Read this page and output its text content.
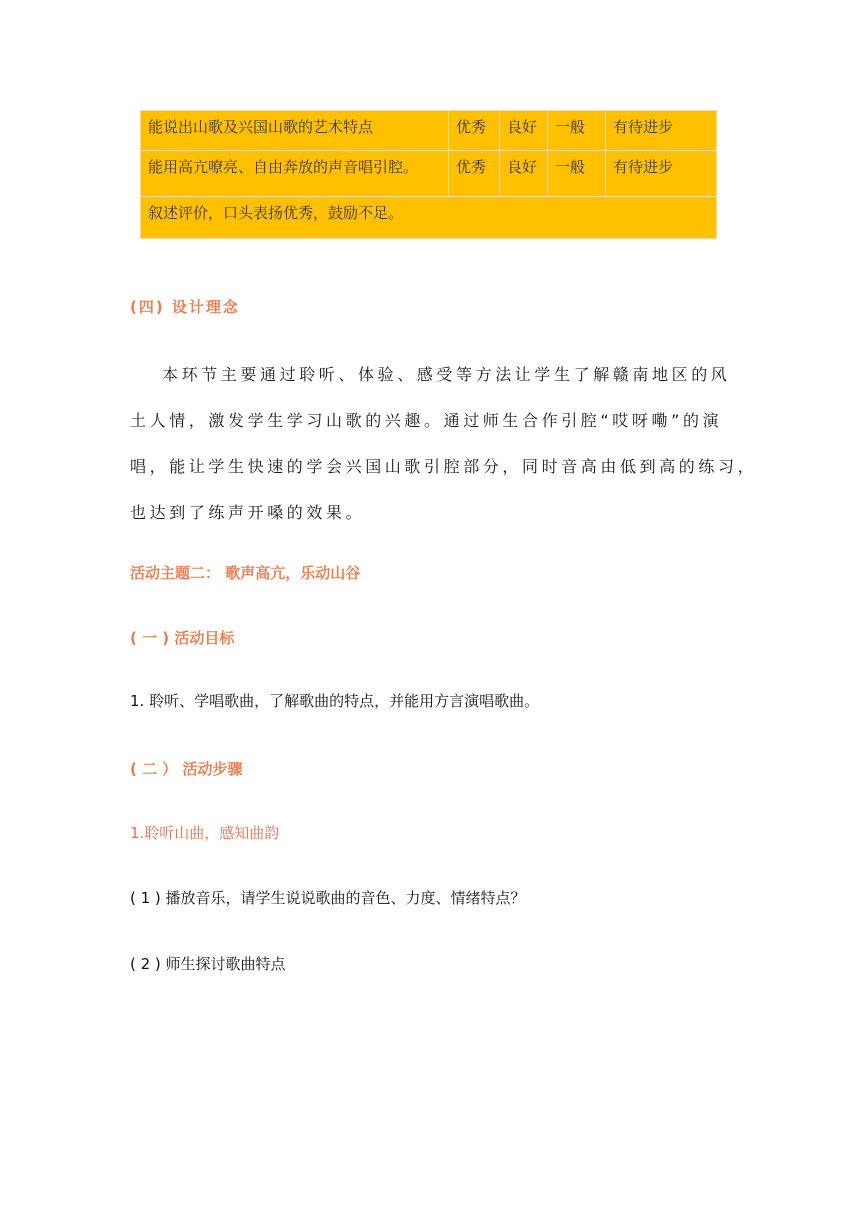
能说出山歌及兴国山歌的艺术特点	优秀	良好	一般	有待进步
能用高亢嘹亮、自由奔放的声音唱引腔。	优秀	良好	一般	有待进步
叙述评价，口头表扬优秀，鼓励不足。				
(四) 设计理念
本环节主要通过聆听、体验、感受等方法让学生了解赣南地区的风
土人情，激发学生学习山歌的兴趣。通过师生合作引腔“哎呀嘞”的演
唱，能让学生快速的学会兴国山歌引腔部分，同时音高由低到高的练习，
也达到了练声开嗓的效果。
活动主题二： 歌声高亢，乐动山谷
( 一 ) 活动目标
1. 聆听、学唱歌曲，了解歌曲的特点，并能用方言演唱歌曲。
( 二 ） 活动步骤
1.聆听山曲，感知曲韵
( 1 ) 播放音乐，请学生说说歌曲的音色、力度、情绪特点？
( 2 ) 师生探讨歌曲特点
